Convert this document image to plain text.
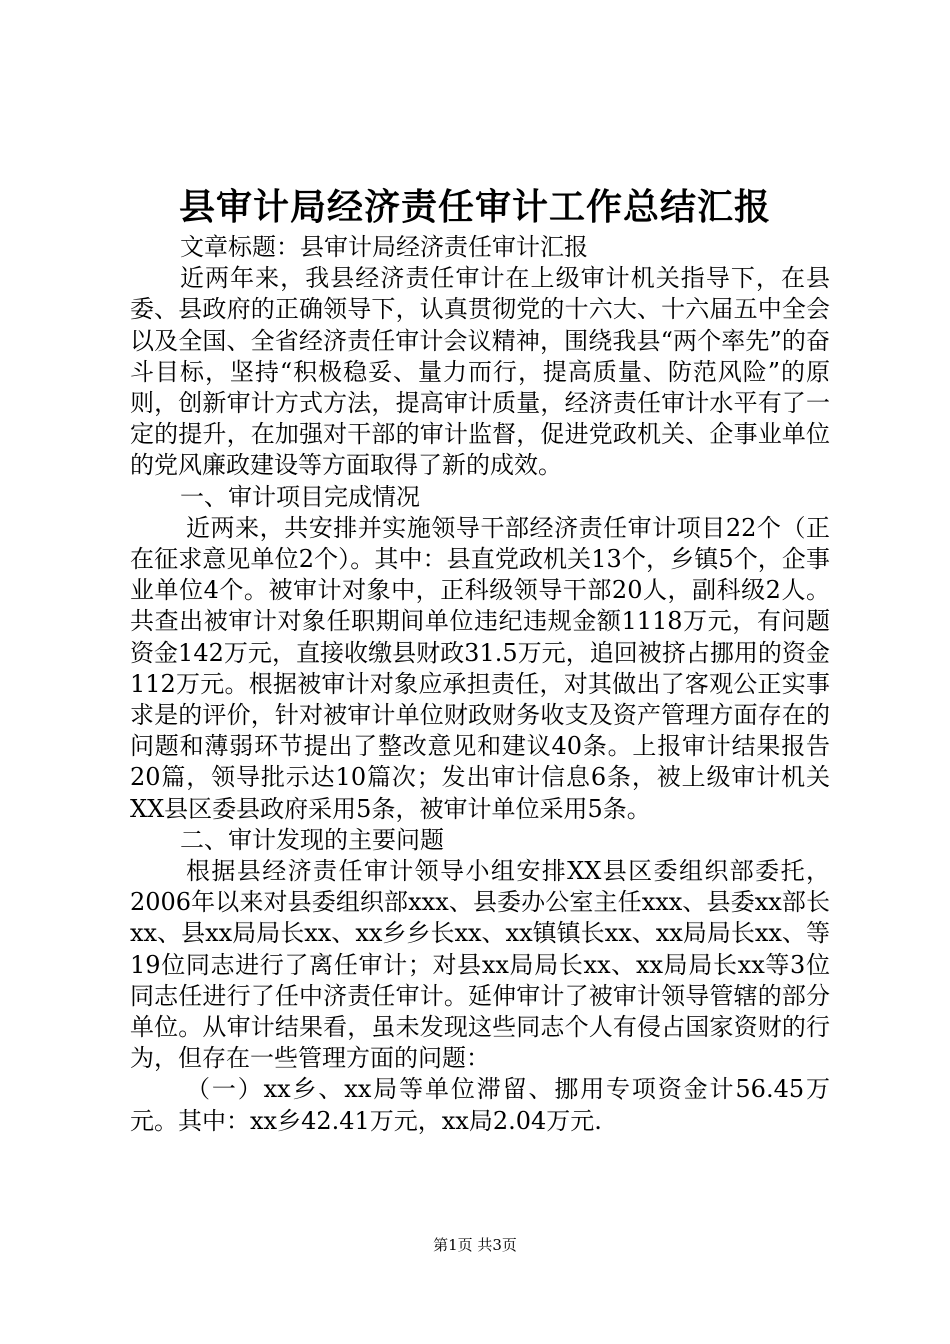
县审计局经济责任审计工作总结汇报

文章标题：县审计局经济责任审计汇报

近两年来，我县经济责任审计在上级审计机关指导下，在县委、县政府的正确领导下，认真贯彻党的十六大、十六届五中全会以及全国、全省经济责任审计会议精神，围绕我县“两个率先”的奋斗目标，坚持“积极稳妥、量力而行，提高质量、防范风险”的原则，创新审计方式方法，提高审计质量，经济责任审计水平有了一定的提升，在加强对干部的审计监督，促进党政机关、企事业单位的党风廉政建设等方面取得了新的成效。

一、审计项目完成情况

近两来，共安排并实施领导干部经济责任审计项目22个（正在征求意见单位2个）。其中：县直党政机关13个，乡镇5个，企事业单位4个。被审计对象中，正科级领导干部20人，副科级2人。共查出被审计对象任职期间单位违纪违规金额1118万元，有问题资金142万元，直接收缴县财政31.5万元，追回被挤占挪用的资金112万元。根据被审计对象应承担责任，对其做出了客观公正实事求是的评价，针对被审计单位财政财务收支及资产管理方面存在的问题和薄弱环节提出了整改意见和建议40条。上报审计结果报告20篇，领导批示达10篇次；发出审计信息6条，被上级审计机关XX县区委县政府采用5条，被审计单位采用5条。

二、审计发现的主要问题

根据县经济责任审计领导小组安排XX县区委组织部委托，2006年以来对县委组织部xxx、县委办公室主任xxx、县委xx部长xx、县xx局局长xx、xx乡乡长xx、xx镇镇长xx、xx局局长xx、等19位同志进行了离任审计；对县xx局局长xx、xx局局长xx等3位同志任进行了任中济责任审计。延伸审计了被审计领导管辖的部分单位。从审计结果看，虽未发现这些同志个人有侵占国家资财的行为，但存在一些管理方面的问题：

（一）xx乡、xx局等单位滞留、挪用专项资金计56.45万元。其中：xx乡42.41万元，xx局2.04万元.

第1页 共3页
